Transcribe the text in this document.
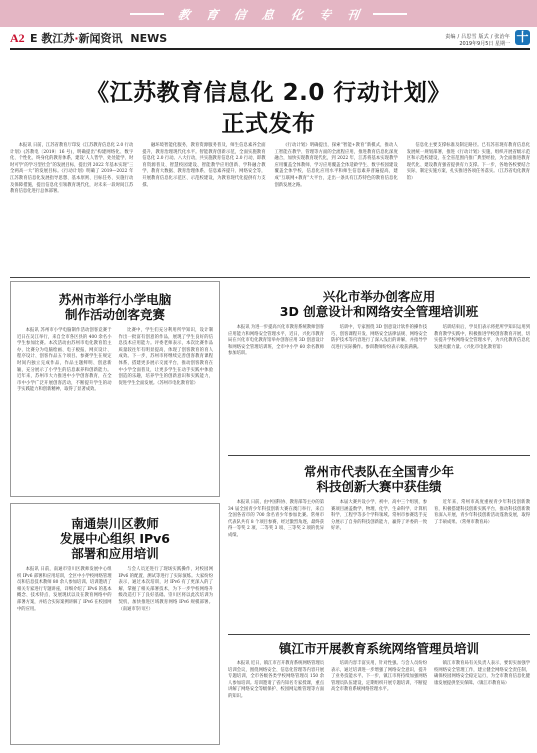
教 育 信 息 化 专 刊
A2 E 教江苏·新闻资讯 NEWS	责编 / 吕思雪 版式 / 张治年
2019年9月5日 星期一 十
《江苏教育信息化 2.0 行动计划》
正式发布

本报讯 日前，江苏省教育厅印发《江苏教育信息化 2.0 行动计划》(苏教电〔2019〕16 号)，明确提出“构建网络化、数字化、个性化、终身化的教育体系，建设‘人人皆学、处处能学、时时可学’的学习型社会”的发展目标，提出到 2022 年基本实现“三全两高一大”的发展目标。《行动计划》明确了 2019—2022 年江苏教育信息化发展指导思想、基本原则、目标任务、实施行动及保障措施，提出信息化引领教育现代化，对未来一段时间江苏教育信息化进行总体部署。

融环境智能化服务，教育资源服务普及，师生信息素养全面提升，教育治理现代化水平。智能教育创新示范，全面实施教育信息化 2.0 行动。八大行动，共实施教育信息化 2.0 行动，即教育资源普及、智慧校园建设、智能教学应用创新、学科融合教学、教育大数据、教育治理体系、信息素养提升、网络安全等，开展教育信息化示范区、示范校建设，为教育现代化提供有力支撑。

《行动计划》明确提出，探索“智能+教育”新模式，推动人工智能在教学、管理等方面的全流程应用，推进教育信息化深度融合，加快实现教育现代化，到 2022 年，江苏将基本实现教学应用覆盖全体教师、学习应用覆盖全体适龄学生、数字校园建设覆盖全体学校，信息化应用水平和师生信息素养普遍提高，建成“互联网+教育”大平台，走出一条具有江苏特色的教育信息化创新发展之路。

信息化主要支撑标准及制定路径。已有苏省现有教育信息化发展统一规划部署，推进《行动计划》实施，组织开展省级示范区和示范校建设，在全省范围内推广典型经验，为全面推进教育现代化、建设教育强省提供有力支撑。下一步，各地各校要结合实际，制定实施方案，扎实推进各项任务落实。（江苏省电化教育馆）

苏州市举行小学电脑
制作活动创客竞赛

本报讯 苏州市小学电脑制作活动创客竞赛于近日在吴江举行，来自全市各区县的 400 余名小学生参加比赛。本次活动由苏州市电化教育馆主办，比赛分为电脑绘画、电子板报、网页设计、程序设计、创客作品五个项目。参赛学生在规定时间内独立完成作品，作品主题鲜明、创意新颖，充分展示了小学生的信息素养和创新能力。近年来，苏州市大力推进中小学创客教育，在全市中小学广泛开展创客活动，不断提升学生的动手实践能力和创新精神，取得了显著成效。

比赛中，学生们充分利用所学知识，设计制作出一批富有创意的作品，展现了学生良好的信息技术应用能力。评委老师表示，本次比赛作品质量较往年有明显提高，体现了创客教育的育人成效。下一步，苏州市将继续完善创客教育课程体系，搭建更多展示交流平台，推动创客教育在中小学全面普及，让更多学生在动手实践中体验创造的乐趣，培养学生的创新意识和实践能力，促进学生全面发展。（苏州市电化教育馆）

南通崇川区教师
发展中心组织 IPv6
部署和应用培训

本报讯 日前，南通市崇川区教师发展中心组织 IPv6 部署和应用培训，全区中小学校网络管理员和信息技术教师 80 余人参加培训。培训邀请了相关专家进行专题讲座，详细介绍了 IPv6 的基本概念、技术特点、发展现状以及在教育网络中的部署方案，并结合实际案例讲解了 IPv6 在校园网中的应用。

与会人员还进行了现场实践操作，对校园网 IPv6 的配置、测试等进行了实际演练。大家纷纷表示，通过本次培训，对 IPv6 有了更深入的了解，掌握了相关部署技术，为下一步学校网络升级改造打下了良好基础。崇川区将以此次培训为契机，加快推进区域教育网络 IPv6 规模部署。（南通市崇川区）

兴化市举办创客应用
3D 创意设计和网络安全管理培训班

本报讯 为进一步提高兴化市教育系统教师创客应用能力和网络安全管理水平，近日，兴化市教育局在兴化市电化教育馆举办创客应用 3D 创意设计和网络安全管理培训班，全市中小学 60 余名教师参加培训。

培训中，专家围绕 3D 创意设计软件的操作技巧、创客课程开发、网络安全法律法规、网络安全防护技术等内容进行了深入浅出的讲解，并指导学员进行实际操作。参训教师纷纷表示收获满满。

培训结束后，学员们表示将把所学知识运用到教育教学实践中，积极推进学校创客教育开展，切实提升学校网络安全管理水平，为兴化教育信息化发展贡献力量。（兴化市电化教育馆）

常州市代表队在全国青少年
科技创新大赛中获佳绩

本报讯 日前，由中国科协、教育部等主办的第 34 届全国青少年科技创新大赛在澳门举行，来自全国各省市的 700 余名青少年参加比赛。常州市代表队共有 8 个项目参赛，经过激烈角逐，最终获得一等奖 2 项、二等奖 3 项、三等奖 2 项的优异成绩。

本届大赛共设小学、初中、高中三个组别，参赛项目涵盖数学、物理、化学、生命科学、计算机科学、工程学等多个学科领域。常州市参赛选手充分展示了自身的科技创新能力，赢得了评委的一致好评。

近年来，常州市高度重视青少年科技创新教育，积极搭建科技创新实践平台，推动科技创新教育深入开展，青少年科技创新活动蓬勃发展，取得了丰硕成果。（常州市教育局）

镇江市开展教育系统网络管理员培训

本报讯 近日，镇江市召开教育系统网络管理员培训会议，围绕网络安全、信息化管理等内容开展专题培训，全市各级各类学校网络管理员 150 余人参加培训。培训邀请了省内知名专家授课，重点讲解了网络安全等级保护、校园网运维管理等方面的知识。

培训内容丰富实用，针对性强。与会人员纷纷表示，通过培训进一步增强了网络安全意识，提升了业务技能水平。下一步，镇江市将持续加强网络管理员队伍建设，定期组织开展专题培训，不断提高全市教育系统网络管理水平。

镇江市教育局有关负责人表示，要切实加强学校网络安全管理工作，建立健全网络安全责任制，确保校园网络安全稳定运行，为全市教育信息化健康发展提供坚实保障。（镇江市教育局）
